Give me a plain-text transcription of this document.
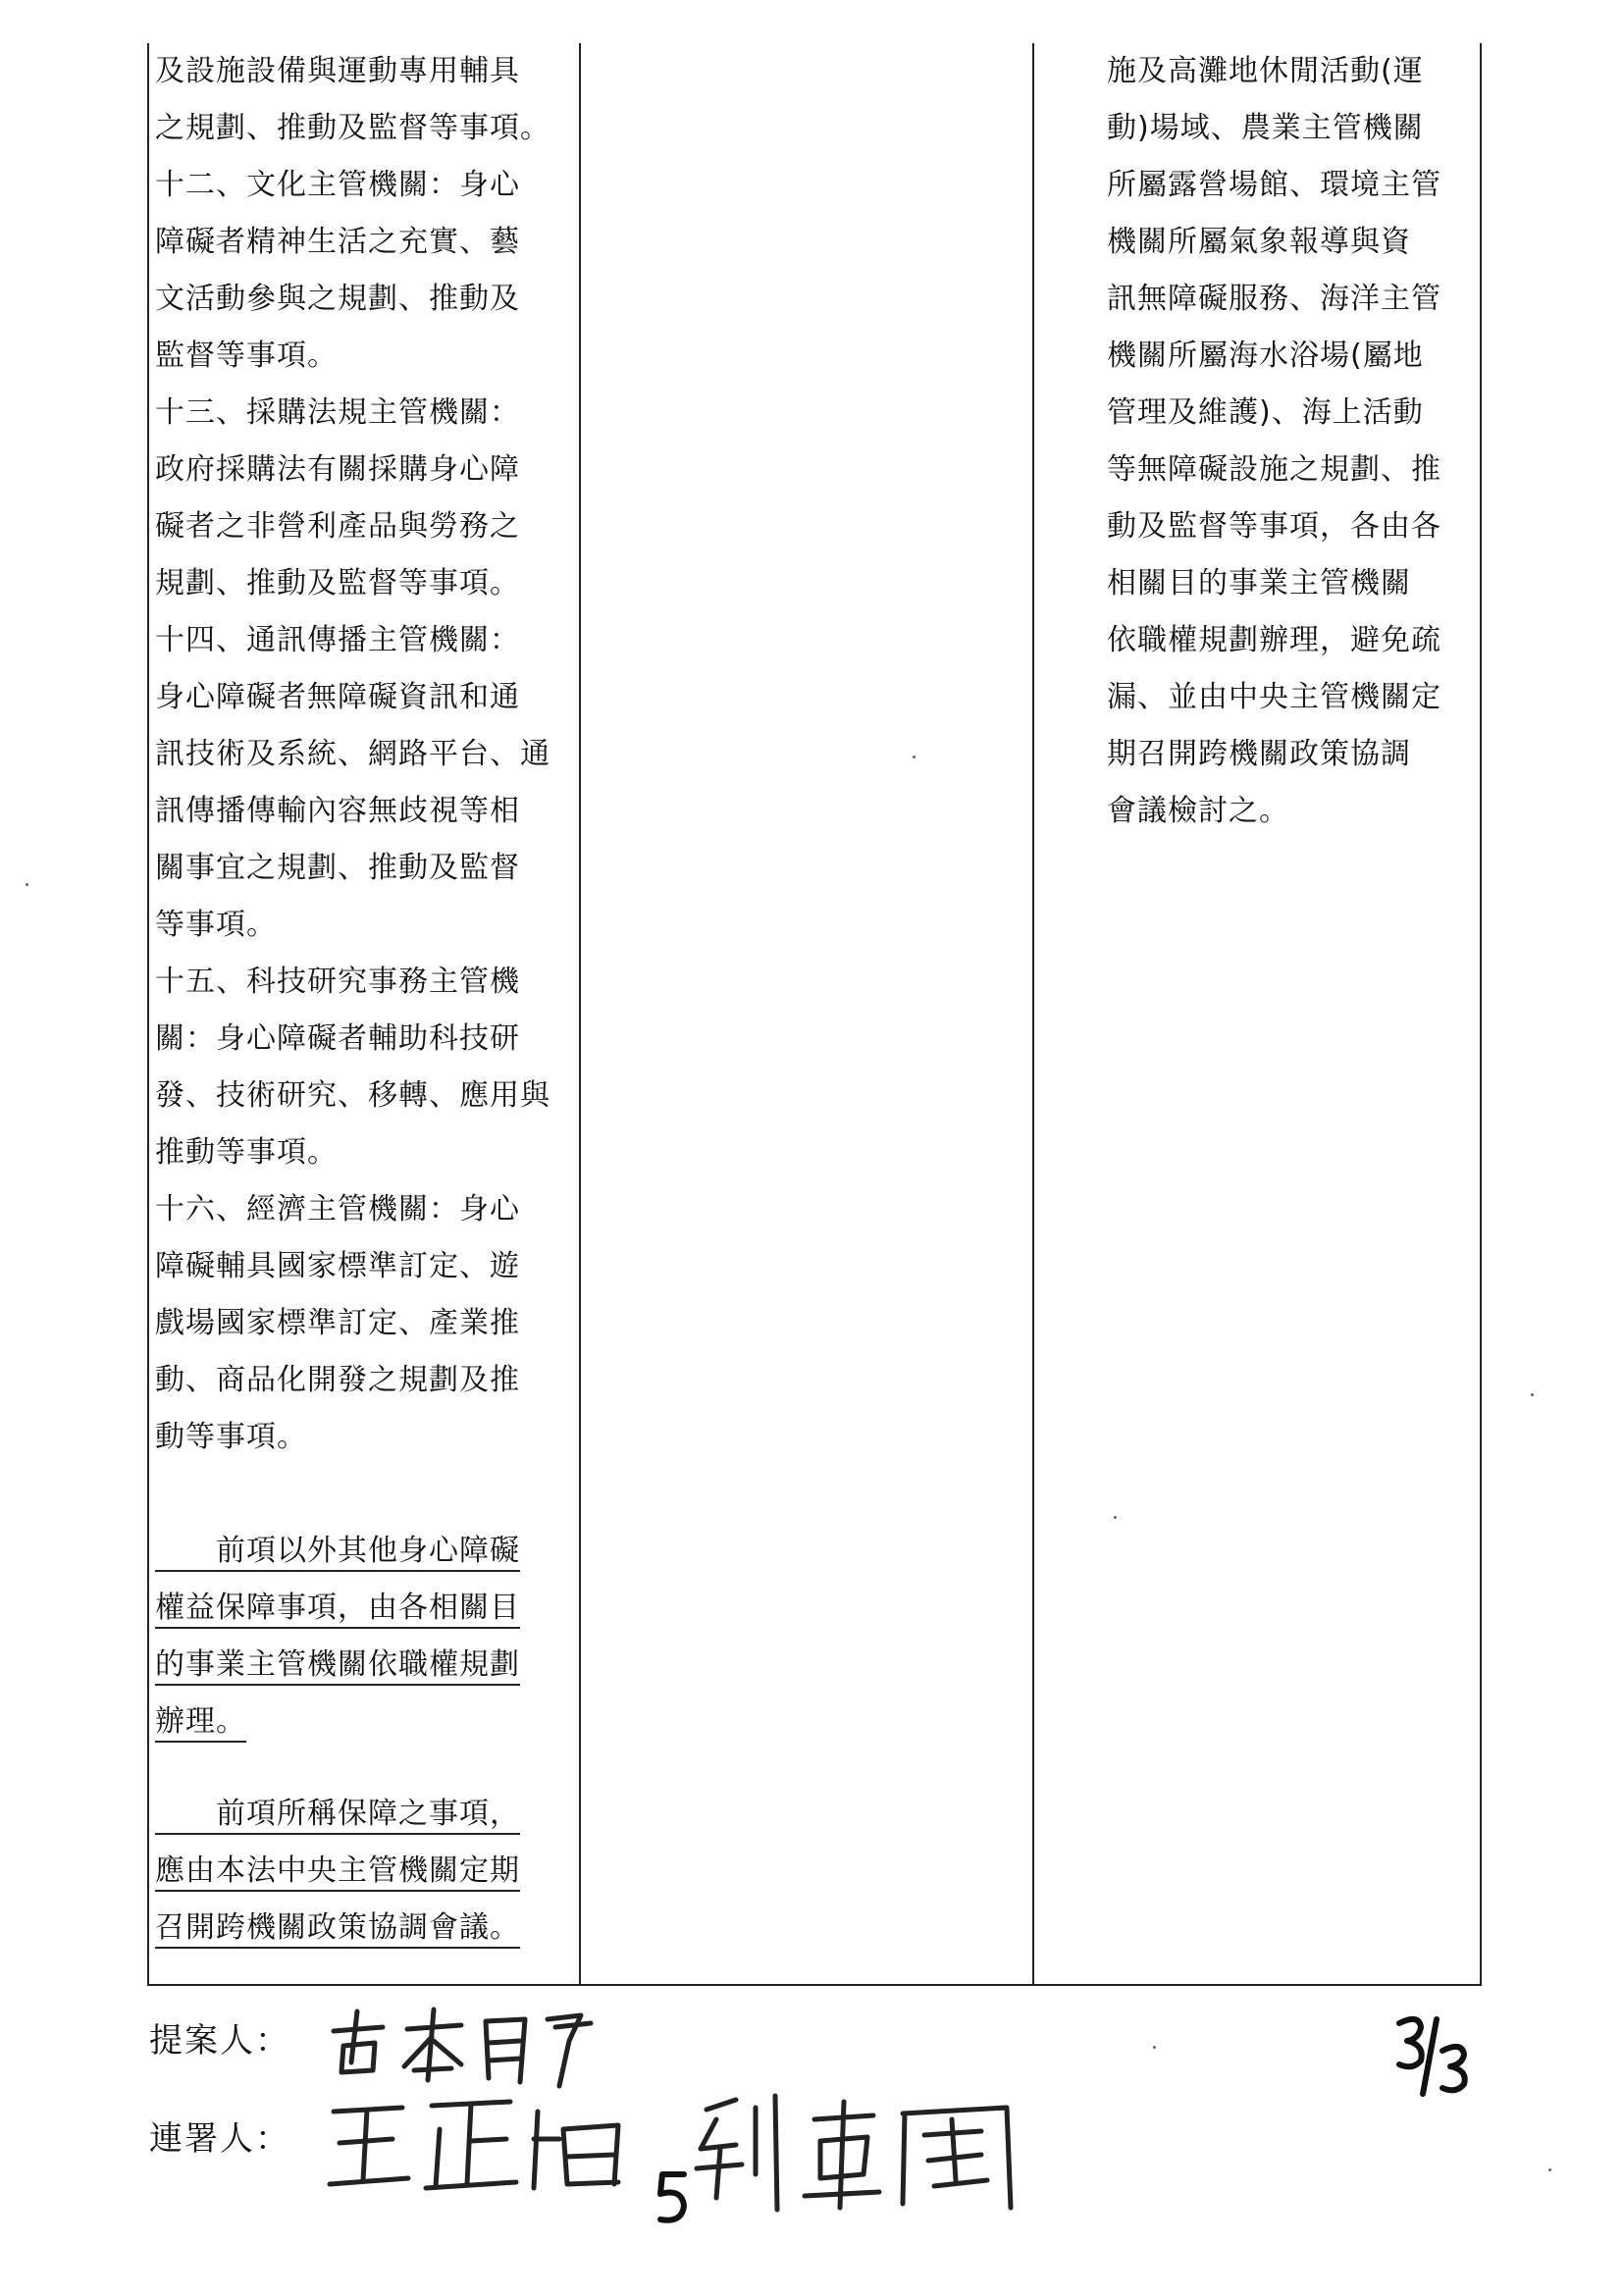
及設施設備與運動專用輔具
之規劃、推動及監督等事項。
十二、文化主管機關：身心
障礙者精神生活之充實、藝
文活動參與之規劃、推動及
監督等事項。
十三、採購法規主管機關：
政府採購法有關採購身心障
礙者之非營利產品與勞務之
規劃、推動及監督等事項。
十四、通訊傳播主管機關：
身心障礙者無障礙資訊和通
訊技術及系統、網路平台、通
訊傳播傳輸內容無歧視等相
關事宜之規劃、推動及監督
等事項。
十五、科技研究事務主管機
關：身心障礙者輔助科技研
發、技術研究、移轉、應用與
推動等事項。
十六、經濟主管機關：身心
障礙輔具國家標準訂定、遊
戲場國家標準訂定、產業推
動、商品化開發之規劃及推
動等事項。
　　前項以外其他身心障礙
權益保障事項，由各相關目
的事業主管機關依職權規劃
辦理。
　　前項所稱保障之事項，
應由本法中央主管機關定期
召開跨機關政策協調會議。
施及高灘地休閒活動(運
動)場域、農業主管機關
所屬露營場館、環境主管
機關所屬氣象報導與資
訊無障礙服務、海洋主管
機關所屬海水浴場(屬地
管理及維護)、海上活動
等無障礙設施之規劃、推
動及監督等事項，各由各
相關目的事業主管機關
依職權規劃辦理，避免疏
漏、並由中央主管機關定
期召開跨機關政策協調
會議檢討之。
提案人：
連署人：
